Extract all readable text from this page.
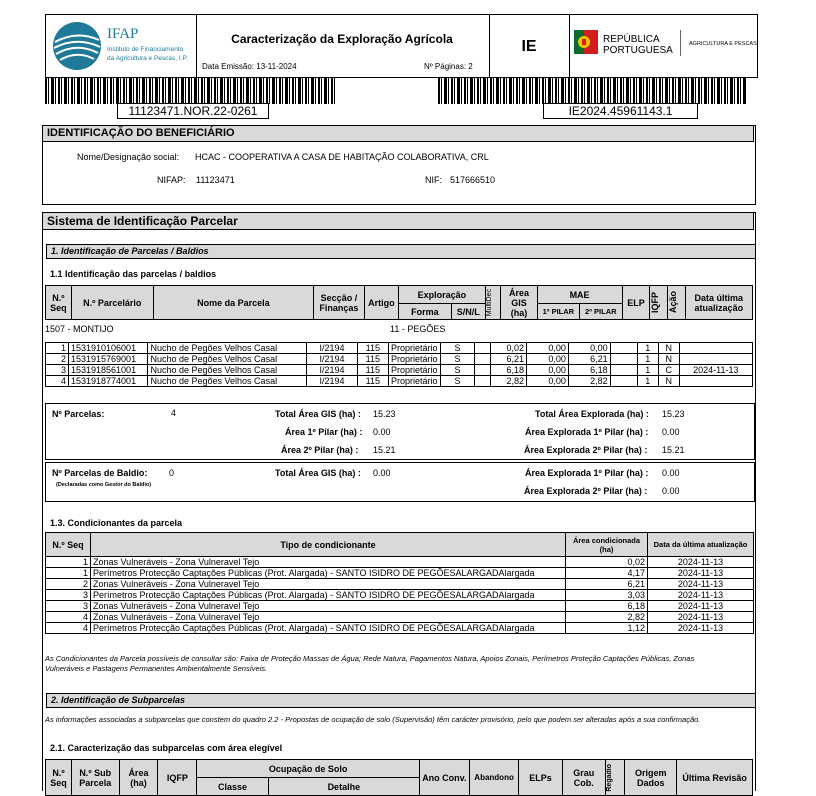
IFAP
Instituto de Financiamento
da Agricultura e Pescas, I.P.
Caracterização da Exploração Agrícola
Data Emissão: 13-11-2024	Nº Páginas: 2
IE	REPÚBLICA
PORTUGUESA
AGRICULTURA E PESCAS
11123471.NOR.22-0261	IE2024.45961143.1
IDENTIFICAÇÃO DO BENEFICIÁRIO
Nome/Designação social: HCAC - COOPERATIVA A CASA DE HABITAÇÃO COLABORATIVA, CRL
NIFAP: 11123471	NIF: 517666510
Sistema de Identificação Parcelar
1. Identificação de Parcelas / Baldios
1.1 Identificação das parcelas / baldios
N.º Seq	N.º Parcelário	Nome da Parcela	Secção / Finanças	Artigo	Exploração		MultiDec	Área GIS (ha)	MAE		ELP	IQFP	Ação	Data última atualização
					Forma	S/N/L			1º PILAR	2º PILAR				
1507 - MONTIJO	11 - PEGÕES
1	1531910106001	Nucho de Pegões Velhos Casal	I/2194	115	Proprietário	S		0,02	0,00	0,00		1	N	
2	1531915769001	Nucho de Pegões Velhos Casal	I/2194	115	Proprietário	S		6,21	0,00	6,21		1	N	
3	1531918561001	Nucho de Pegões Velhos Casal	I/2194	115	Proprietário	S		6,18	0,00	6,18		1	C	2024-11-13
4	1531918774001	Nucho de Pegões Velhos Casal	I/2194	115	Proprietário	S		2,82	0,00	2,82		1	N	
Nº Parcelas:	4	Total Área GIS (ha) : 15.23
Área 1º Pilar (ha) : 0.00
Área 2º Pilar (ha) : 15.21
Total Área Explorada (ha) : 15.23
Área Explorada 1º Pilar (ha) : 0.00
Área Explorada 2º Pilar (ha) : 15.21
Nº Parcelas de Baldio: 0
(Declaradas como Gestor do Baldio)
Total Área GIS (ha) : 0.00	Área Explorada 1º Pilar (ha) : 0.00
Área Explorada 2º Pilar (ha) : 0.00
1.3. Condicionantes da parcela
N.º Seq	Tipo de condicionante	Área condicionada (ha)	Data da última atualização
1	Zonas Vulneráveis - Zona Vulneravel Tejo	0,02	2024-11-13
1	Perímetros Protecção Captações Públicas (Prot. Alargada) - SANTO ISIDRO DE PEGÕESALARGADAlargada	4,17	2024-11-13
2	Zonas Vulneráveis - Zona Vulneravel Tejo	6,21	2024-11-13
3	Perímetros Protecção Captações Públicas (Prot. Alargada) - SANTO ISIDRO DE PEGÕESALARGADAlargada	3,03	2024-11-13
3	Zonas Vulneráveis - Zona Vulneravel Tejo	6,18	2024-11-13
4	Zonas Vulneráveis - Zona Vulneravel Tejo	2,82	2024-11-13
4	Perímetros Protecção Captações Públicas (Prot. Alargada) - SANTO ISIDRO DE PEGÕESALARGADAlargada	1,12	2024-11-13
As Condicionantes da Parcela possíveis de consultar são: Faixa de Proteção Massas de Água; Rede Natura, Pagamentos Natura, Apoios Zonais, Perímetros Proteção Captações Públicas, Zonas Vulneráveis e Pastagens Permanentes Ambientalmente Sensíveis.
2. Identificação de Subparcelas
As informações associadas a subparcelas que constem do quadro 2.2 - Propostas de ocupação de solo (Supervisão) têm carácter provisório, pelo que podem ser alteradas após a sua confirmação.
2.1. Caracterização das subparcelas com área elegível
N.º Seq	N.º Sub Parcela	Área (ha)	IQFP	Ocupação de Solo		Ano Conv.	Abandono	ELPs	Grau Cob.	Regadio	Origem Dados	Última Revisão
				Classe	Detalhe							
